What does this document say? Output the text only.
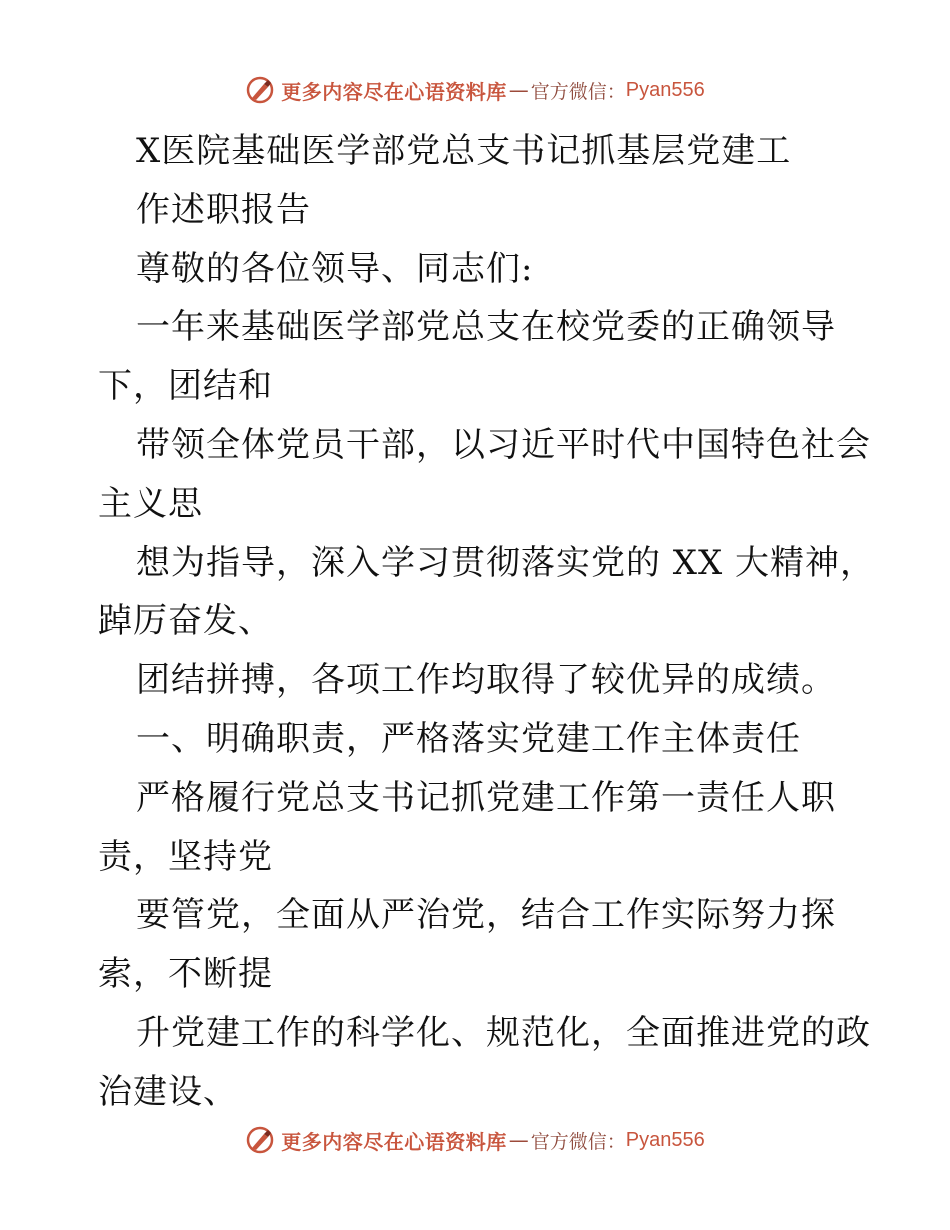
更多内容尽在心语资料库 — 官方微信： Pyan556
X医院基础医学部党总支书记抓基层党建工
作述职报告
尊敬的各位领导、同志们:
一年来基础医学部党总支在校党委的正确领导
下，团结和
带领全体党员干部，以习近平时代中国特色社会
主义思
想为指导，深入学习贯彻落实党的 XX 大精神，
踔厉奋发、
团结拼搏，各项工作均取得了较优异的成绩。
一、明确职责，严格落实党建工作主体责任
严格履行党总支书记抓党建工作第一责任人职
责，坚持党
要管党，全面从严治党，结合工作实际努力探
索，不断提
升党建工作的科学化、规范化，全面推进党的政
治建设、
更多内容尽在心语资料库 — 官方微信： Pyan556
